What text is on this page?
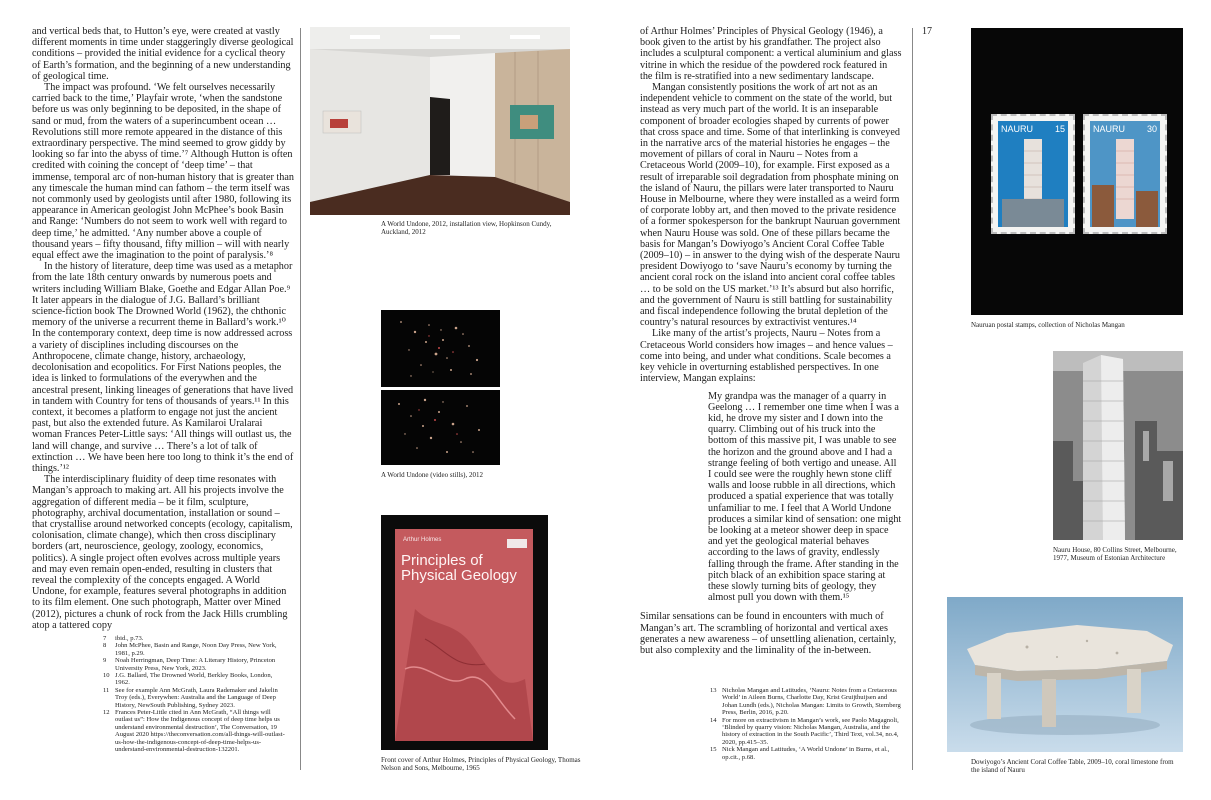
and vertical beds that, to Hutton’s eye, were created at vastly different moments in time under staggeringly diverse geological conditions – provided the initial evidence for a cyclical theory of Earth’s formation, and the beginning of a new understanding of geological time.

The impact was profound. ‘We felt ourselves necessarily carried back to the time,’ Playfair wrote, ‘when the sandstone before us was only beginning to be deposited, in the shape of sand or mud, from the waters of a superincumbent ocean … Revolutions still more remote appeared in the distance of this extraordinary perspective. The mind seemed to grow giddy by looking so far into the abyss of time.’⁷ Although Hutton is often credited with coining the concept of ‘deep time’ – that immense, temporal arc of non-human history that is greater than any timescale the human mind can fathom – the term itself was not commonly used by geologists until after 1980, following its appearance in American geologist John McPhee’s book Basin and Range: ‘Numbers do not seem to work well with regard to deep time,’ he admitted. ‘Any number above a couple of thousand years – fifty thousand, fifty million – will with nearly equal effect awe the imagination to the point of paralysis.’⁸

In the history of literature, deep time was used as a metaphor from the late 18th century onwards by numerous poets and writers including William Blake, Goethe and Edgar Allan Poe.⁹ It later appears in the dialogue of J.G. Ballard’s brilliant science-fiction book The Drowned World (1962), the chthonic memory of the universe a recurrent theme in Ballard’s work.¹⁰ In the contemporary context, deep time is now addressed across a variety of disciplines including discourses on the Anthropocene, climate change, history, archaeology, decolonisation and ecopolitics. For First Nations peoples, the idea is linked to formulations of the everywhen and the ancestral present, linking lineages of generations that have lived in tandem with Country for tens of thousands of years.¹¹ In this context, it becomes a platform to engage not just the ancient past, but also the extended future. As Kamilaroi Uralarai woman Frances Peter-Little says: ‘All things will outlast us, the land will change, and survive … There’s a lot of talk of extinction … We have been here too long to think it’s the end of things.’¹²

The interdisciplinary fluidity of deep time resonates with Mangan’s approach to making art. All his projects involve the aggregation of different media – be it film, sculpture, photography, archival documentation, installation or sound – that crystallise around networked concepts (ecology, capitalism, colonisation, climate change), which then cross disciplinary borders (art, neuroscience, geology, zoology, economics, politics). A single project often evolves across multiple years and may even remain open-ended, resulting in clusters that reveal the complexity of the concepts engaged. A World Undone, for example, features several photographs in addition to its film element. One such photograph, Matter over Mined (2012), pictures a chunk of rock from the Jack Hills crumbling atop a tattered copy

7 ibid., p.73.
8 John McPhee, Basin and Range, Noon Day Press, New York, 1981, p.29.
9 Noah Herringman, Deep Time: A Literary History, Princeton University Press, New York, 2023.
10 J.G. Ballard, The Drowned World, Berkley Books, London, 1962.
11 See for example Ann McGrath, Laura Rademaker and Jakelin Troy (eds.), Everywhen: Australia and the Language of Deep History, NewSouth Publishing, Sydney 2023.
12 Frances Peter-Little cited in Ann McGrath, “All things will outlast us”: How the Indigenous concept of deep time helps us understand environmental destruction’, The Conversation, 19 August 2020 https://theconversation.com/all-things-will-outlast-us-how-the-indigenous-concept-of-deep-time-helps-us-understand-environmental-destruction-132201.
A World Undone, 2012, installation view, Hopkinson Cundy, Auckland, 2012
A World Undone (video stills), 2012
Arthur Holmes
Principles of Physical Geology
Front cover of Arthur Holmes, Principles of Physical Geology, Thomas Nelson and Sons, Melbourne, 1965

of Arthur Holmes’ Principles of Physical Geology (1946), a book given to the artist by his grandfather. The project also includes a sculptural component: a vertical aluminium and glass vitrine in which the residue of the powdered rock featured in the film is re-stratified into a new sedimentary landscape.

Mangan consistently positions the work of art not as an independent vehicle to comment on the state of the world, but instead as very much part of the world. It is an inseparable component of broader ecologies shaped by currents of power that cross space and time. Some of that interlinking is conveyed in the narrative arcs of the material histories he engages – the movement of pillars of coral in Nauru – Notes from a Cretaceous World (2009–10), for example. First exposed as a result of irreparable soil degradation from phosphate mining on the island of Nauru, the pillars were later transported to Nauru House in Melbourne, where they were installed as a weird form of corporate lobby art, and then moved to the private residence of a former spokesperson for the bankrupt Nauruan government when Nauru House was sold. One of these pillars became the basis for Mangan’s Dowiyogo’s Ancient Coral Coffee Table (2009–10) – in answer to the dying wish of the desperate Nauru president Dowiyogo to ‘save Nauru’s economy by turning the ancient coral rock on the island into ancient coral coffee tables … to be sold on the US market.’¹³ It’s absurd but also horrific, and the government of Nauru is still battling for sustainability and fiscal independence following the brutal depletion of the country’s natural resources by extractivist ventures.¹⁴

Like many of the artist’s projects, Nauru – Notes from a Cretaceous World considers how images – and hence values – come into being, and under what conditions. Scale becomes a key vehicle in overturning established perspectives. In one interview, Mangan explains:

My grandpa was the manager of a quarry in Geelong … I remember one time when I was a kid, he drove my sister and I down into the quarry. Climbing out of his truck into the bottom of this massive pit, I was unable to see the horizon and the ground above and I had a strange feeling of both vertigo and unease. All I could see were the roughly hewn stone cliff walls and loose rubble in all directions, which produced a spatial experience that was totally unfamiliar to me. I feel that A World Undone produces a similar kind of sensation: one might be looking at a meteor shower deep in space and yet the geological material behaves according to the laws of gravity, endlessly falling through the frame. After standing in the pitch black of an exhibition space staring at these slowly turning bits of geology, they almost pull you down with them.¹⁵

Similar sensations can be found in encounters with much of Mangan’s art. The scrambling of horizontal and vertical axes generates a new awareness – of unsettling alienation, certainly, but also complexity and the liminality of the in-between.

13 Nicholas Mangan and Latitudes, ‘Nauru: Notes from a Cretaceous World’ in Aileen Burns, Charlotte Day, Krist Gruijthuijsen and Johan Lundh (eds.), Nicholas Mangan: Limits to Growth, Sternberg Press, Berlin, 2016, p.20.
14 For more on extractivism in Mangan’s work, see Paolo Magagnoli, ‘Blinded by quarry vision: Nicholas Mangan, Australia, and the history of extraction in the South Pacific’, Third Text, vol.34, no.4, 2020, pp.415–35.
15 Nick Mangan and Latitudes, ‘A World Undone’ in Burns, et al., op.cit., p.68.
17
NAURU 15	NAURU 30
Nauruan postal stamps, collection of Nicholas Mangan
Nauru House, 80 Collins Street, Melbourne, 1977, Museum of Estonian Architecture
Dowiyogo’s Ancient Coral Coffee Table, 2009–10, coral limestone from the island of Nauru
